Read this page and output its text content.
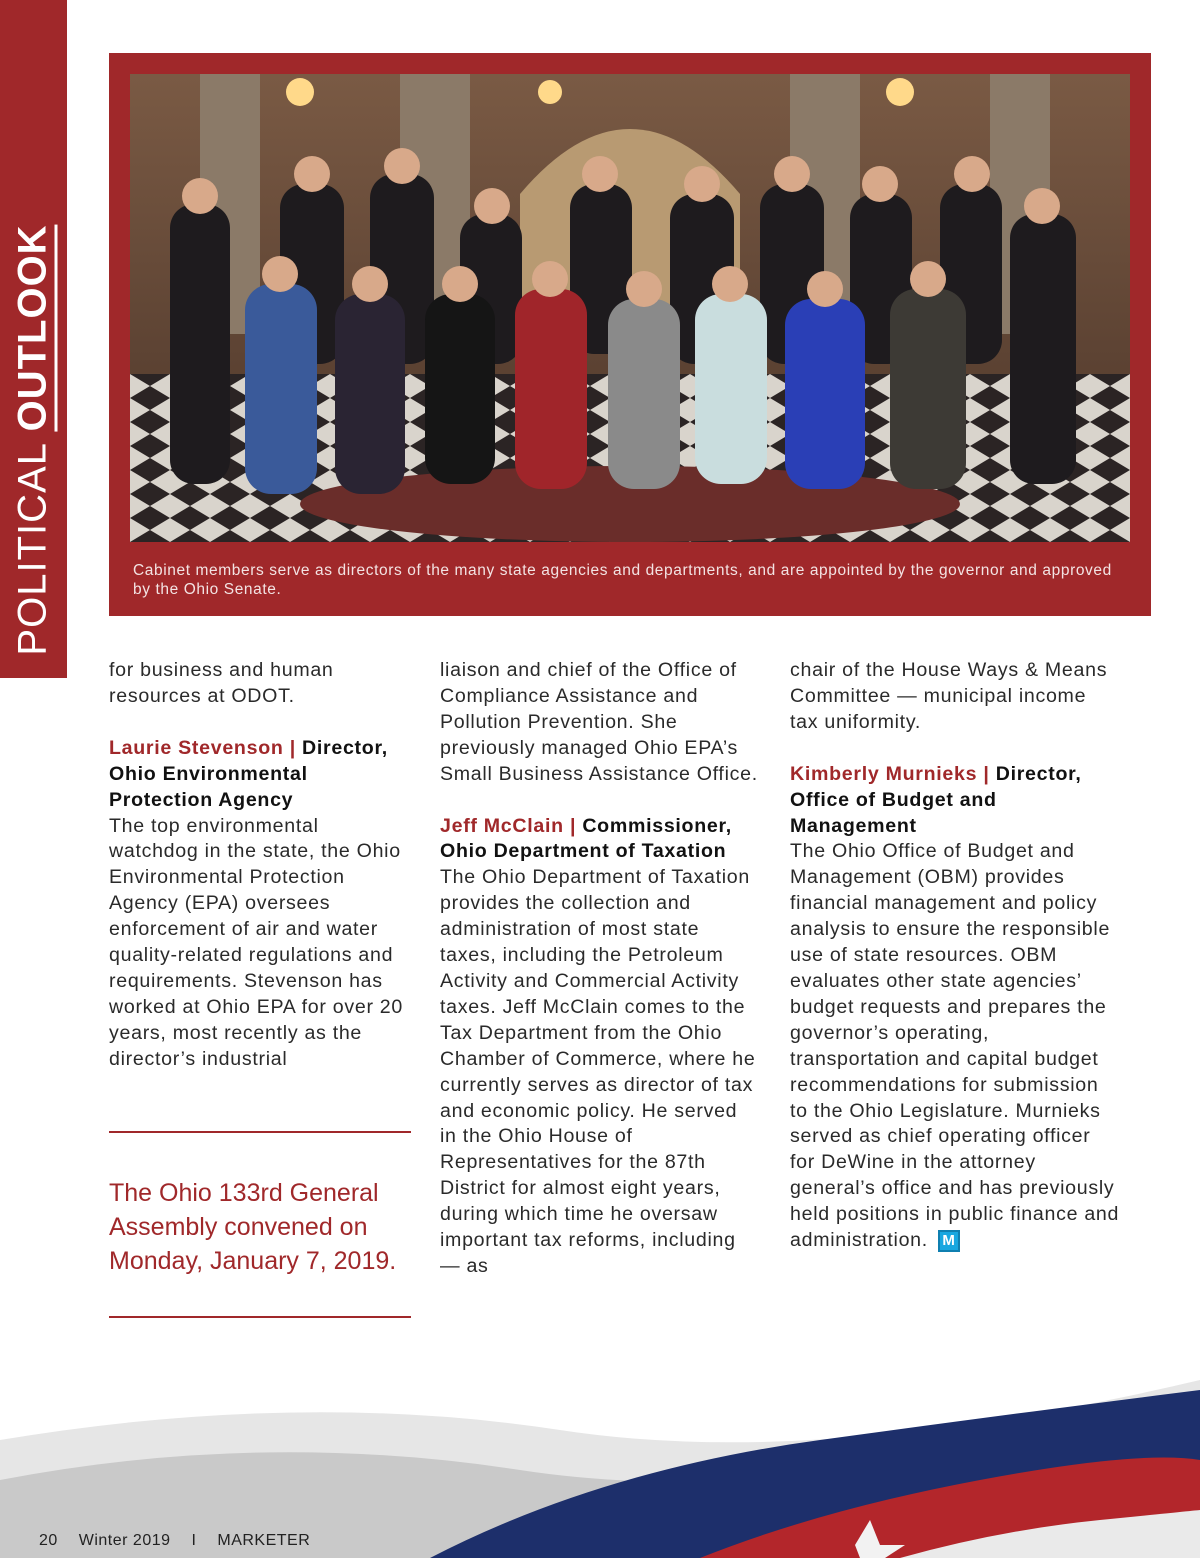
POLITICAL OUTLOOK
Cabinet members serve as directors of the many state agencies and departments, and are appointed by the governor and approved by the Ohio Senate.

for business and human resources at ODOT.

Laurie Stevenson | Director, Ohio Environmental Protection Agency

The top environmental watchdog in the state, the Ohio Environmental Protection Agency (EPA) oversees enforcement of air and water quality-related regulations and requirements. Stevenson has worked at Ohio EPA for over 20 years, most recently as the director’s industrial

The Ohio 133rd General Assembly convened on Monday, January 7, 2019.

liaison and chief of the Office of Compliance Assistance and Pollution Prevention. She previously managed Ohio EPA’s Small Business Assistance Office.

Jeff McClain | Commissioner, Ohio Department of Taxation

The Ohio Department of Taxation provides the collection and administration of most state taxes, including the Petroleum Activity and Commercial Activity taxes. Jeff McClain comes to the Tax Department from the Ohio Chamber of Commerce, where he currently serves as director of tax and economic policy. He served in the Ohio House of Representatives for the 87th District for almost eight years, during which time he oversaw important tax reforms, including — as

chair of the House Ways & Means Committee — municipal income tax uniformity.

Kimberly Murnieks | Director, Office of Budget and Management

The Ohio Office of Budget and Management (OBM) provides financial management and policy analysis to ensure the responsible use of state resources. OBM evaluates other state agencies’ budget requests and prepares the governor’s operating, transportation and capital budget recommendations for submission to the Ohio Legislature. Murnieks served as chief operating officer for DeWine in the attorney general’s office and has previously held positions in public finance and administration. M

20 Winter 2019 I MARKETER
